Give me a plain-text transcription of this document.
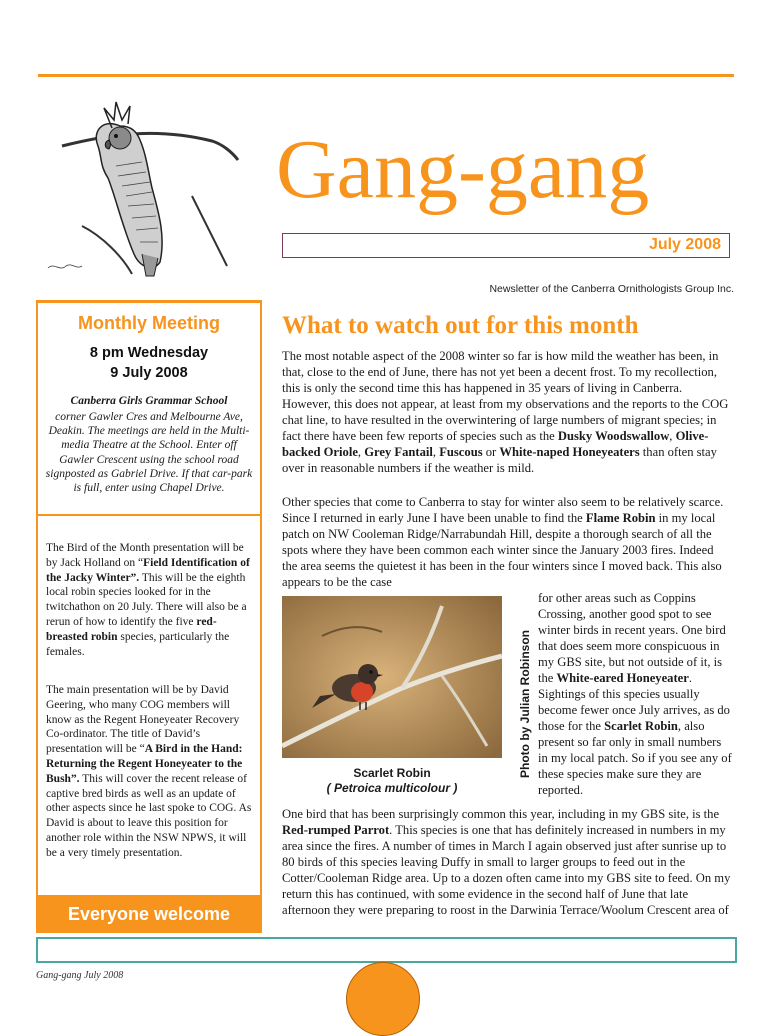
Gang-gang
July 2008
Newsletter of the Canberra Ornithologists Group Inc.
Monthly Meeting
8 pm Wednesday
9 July 2008
Canberra Girls Grammar School
corner Gawler Cres and Melbourne Ave, Deakin. The meetings are held in the Multi-media Theatre at the School. Enter off Gawler Crescent using the school road signposted as Gabriel Drive. If that car-park is full, enter using Chapel Drive.

The Bird of the Month presentation will be by Jack Holland on “Field Identification of the Jacky Winter”. This will be the eighth local robin species looked for in the twitchathon on 20 July. There will also be a rerun of how to identify the five red-breasted robin species, particularly the females.

The main presentation will be by David Geering, who many COG members will know as the Regent Honeyeater Recovery Co-ordinator. The title of David’s presentation will be “A Bird in the Hand: Returning the Regent Honeyeater to the Bush”. This will cover the recent release of captive bred birds as well as an update of other aspects since he last spoke to COG. As David is about to leave this position for another role within the NSW NPWS, it will be a very timely presentation.

Everyone welcome
What to watch out for this month

The most notable aspect of the 2008 winter so far is how mild the weather has been, in that, close to the end of June, there has not yet been a decent frost. To my recollection, this is only the second time this has happened in 35 years of living in Canberra. However, this does not appear, at least from my observations and the reports to the COG chat line, to have resulted in the overwintering of large numbers of migrant species; in fact there have been few reports of species such as the Dusky Woodswallow, Olive-backed Oriole, Grey Fantail, Fuscous or White-naped Honeyeaters than often stay over in reasonable numbers if the weather is mild.

Other species that come to Canberra to stay for winter also seem to be relatively scarce. Since I returned in early June I have been unable to find the Flame Robin in my local patch on NW Cooleman Ridge/Narrabundah Hill, despite a thorough search of all the spots where they have been common each winter since the January 2003 fires. Indeed the area seems the quietest it has been in the four winters since I moved back. This also appears to be the case

Photo by Julian Robinson
Scarlet Robin
( Petroica multicolour )

for other areas such as Coppins Crossing, another good spot to see winter birds in recent years. One bird that does seem more conspicuous in my GBS site, but not outside of it, is the White-eared Honeyeater. Sightings of this species usually become fewer once July arrives, as do those for the Scarlet Robin, also present so far only in small numbers in my local patch. So if you see any of these species make sure they are reported.

One bird that has been surprisingly common this year, including in my GBS site, is the Red-rumped Parrot. This species is one that has definitely increased in numbers in my area since the fires. A number of times in March I again observed just after sunrise up to 80 birds of this species leaving Duffy in small to larger groups to feed out in the Cotter/Cooleman Ridge area. Up to a dozen often came into my GBS site to feed. On my return this has continued, with some evidence in the second half of June that late afternoon they were preparing to roost in the Darwinia Terrace/Woolum Crescent area of

Gang-gang July 2008
